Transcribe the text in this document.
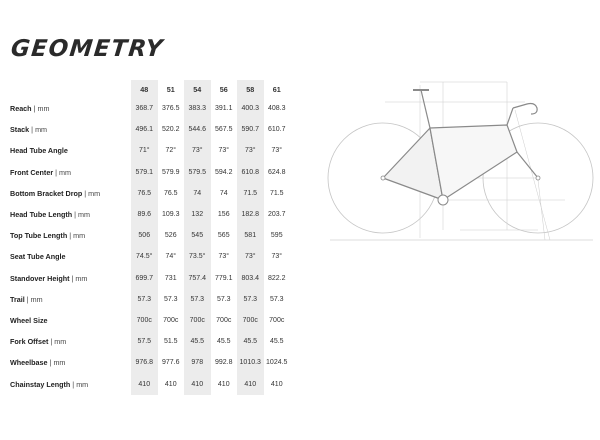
GEOMETRY
	48	51	54	56	58	61
Reach | mm	368.7	376.5	383.3	391.1	400.3	408.3
Stack | mm	496.1	520.2	544.6	567.5	590.7	610.7
Head Tube Angle	71°	72°	73°	73°	73°	73°
Front Center | mm	579.1	579.9	579.5	594.2	610.8	624.8
Bottom Bracket Drop | mm	76.5	76.5	74	74	71.5	71.5
Head Tube Length | mm	89.6	109.3	132	156	182.8	203.7
Top Tube Length | mm	506	526	545	565	581	595
Seat Tube Angle	74.5°	74°	73.5°	73°	73°	73°
Standover Height | mm	699.7	731	757.4	779.1	803.4	822.2
Trail | mm	57.3	57.3	57.3	57.3	57.3	57.3
Wheel Size	700c	700c	700c	700c	700c	700c
Fork Offset | mm	57.5	51.5	45.5	45.5	45.5	45.5
Wheelbase | mm	976.8	977.6	978	992.8	1010.3	1024.5
Chainstay Length | mm	410	410	410	410	410	410
